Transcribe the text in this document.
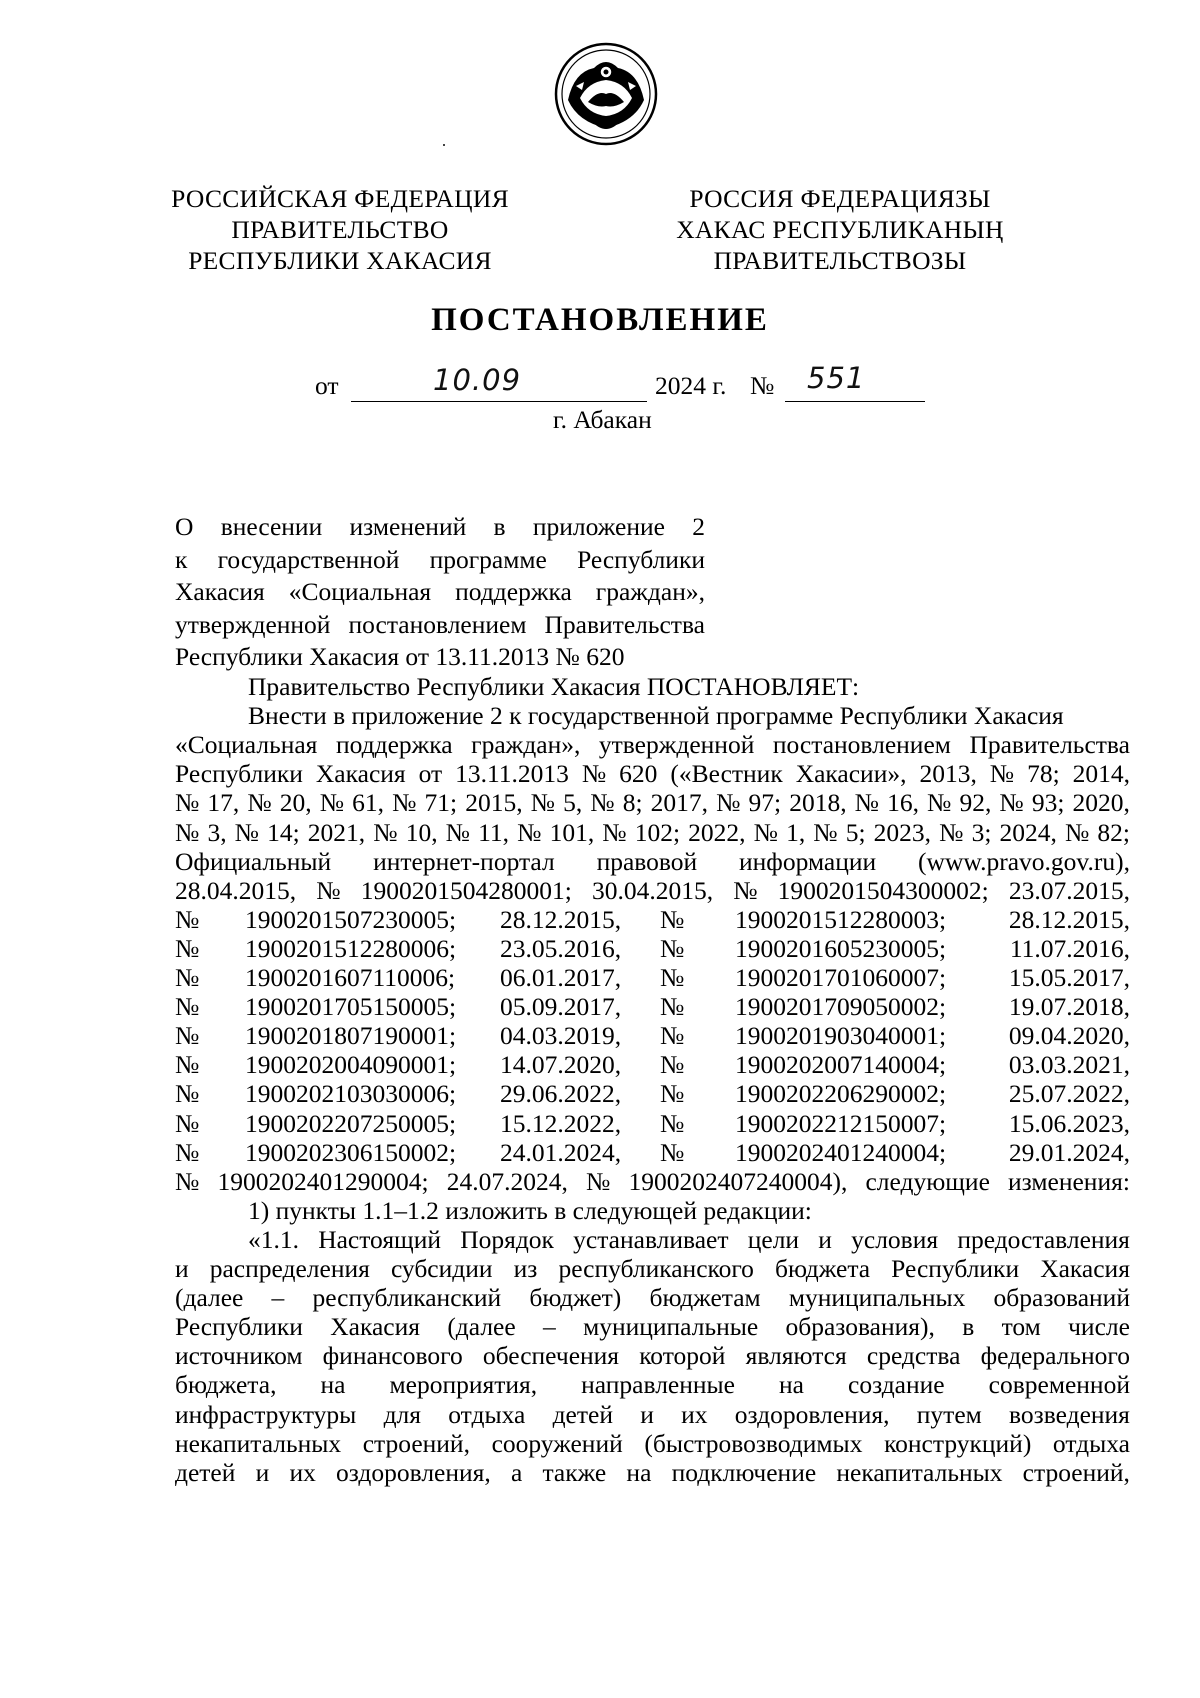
РОССИЙСКАЯ ФЕДЕРАЦИЯ
ПРАВИТЕЛЬСТВО
РЕСПУБЛИКИ ХАКАСИЯ
РОССИЯ ФЕДЕРАЦИЯЗЫ
ХАКАС РЕСПУБЛИКАНЫҢ
ПРАВИТЕЛЬСТВОЗЫ
ПОСТАНОВЛЕНИЕ
от	10.09	2024 г. № 551
г. Абакан
О внесении изменений в приложение 2
к государственной программе Республики
Хакасия «Социальная поддержка граждан»,
утвержденной постановлением Правительства
Республики Хакасия от 13.11.2013 № 620
Правительство Республики Хакасия ПОСТАНОВЛЯЕТ:
Внести в приложение 2 к государственной программе Республики Хакасия
«Социальная поддержка граждан», утвержденной постановлением Правительства
Республики Хакасия от 13.11.2013 № 620 («Вестник Хакасии», 2013, № 78; 2014,
№ 17, № 20, № 61, № 71; 2015, № 5, № 8; 2017, № 97; 2018, № 16, № 92, № 93; 2020,
№ 3, № 14; 2021, № 10, № 11, № 101, № 102; 2022, № 1, № 5; 2023, № 3; 2024, № 82;
Официальный интернет-портал правовой информации (www.pravo.gov.ru),
28.04.2015, № 1900201504280001; 30.04.2015, № 1900201504300002; 23.07.2015,
№	1900201507230005;	28.12.2015,	№	1900201512280003;	28.12.2015,
№	1900201512280006;	23.05.2016,	№	1900201605230005;	11.07.2016,
№	1900201607110006;	06.01.2017,	№	1900201701060007;	15.05.2017,
№	1900201705150005;	05.09.2017,	№	1900201709050002;	19.07.2018,
№	1900201807190001;	04.03.2019,	№	1900201903040001;	09.04.2020,
№	1900202004090001;	14.07.2020,	№	1900202007140004;	03.03.2021,
№	1900202103030006;	29.06.2022,	№	1900202206290002;	25.07.2022,
№	1900202207250005;	15.12.2022,	№	1900202212150007;	15.06.2023,
№	1900202306150002;	24.01.2024,	№	1900202401240004;	29.01.2024,
№ 1900202401290004; 24.07.2024, № 1900202407240004), следующие изменения:
1) пункты 1.1–1.2 изложить в следующей редакции:
«1.1. Настоящий Порядок устанавливает цели и условия предоставления
и распределения субсидии из республиканского бюджета Республики Хакасия
(далее – республиканский бюджет) бюджетам муниципальных образований
Республики Хакасия (далее – муниципальные образования), в том числе
источником финансового обеспечения которой являются средства федерального
бюджета, на мероприятия, направленные на создание современной
инфраструктуры для отдыха детей и их оздоровления, путем возведения
некапитальных строений, сооружений (быстровозводимых конструкций) отдыха
детей и их оздоровления, а также на подключение некапитальных строений,
